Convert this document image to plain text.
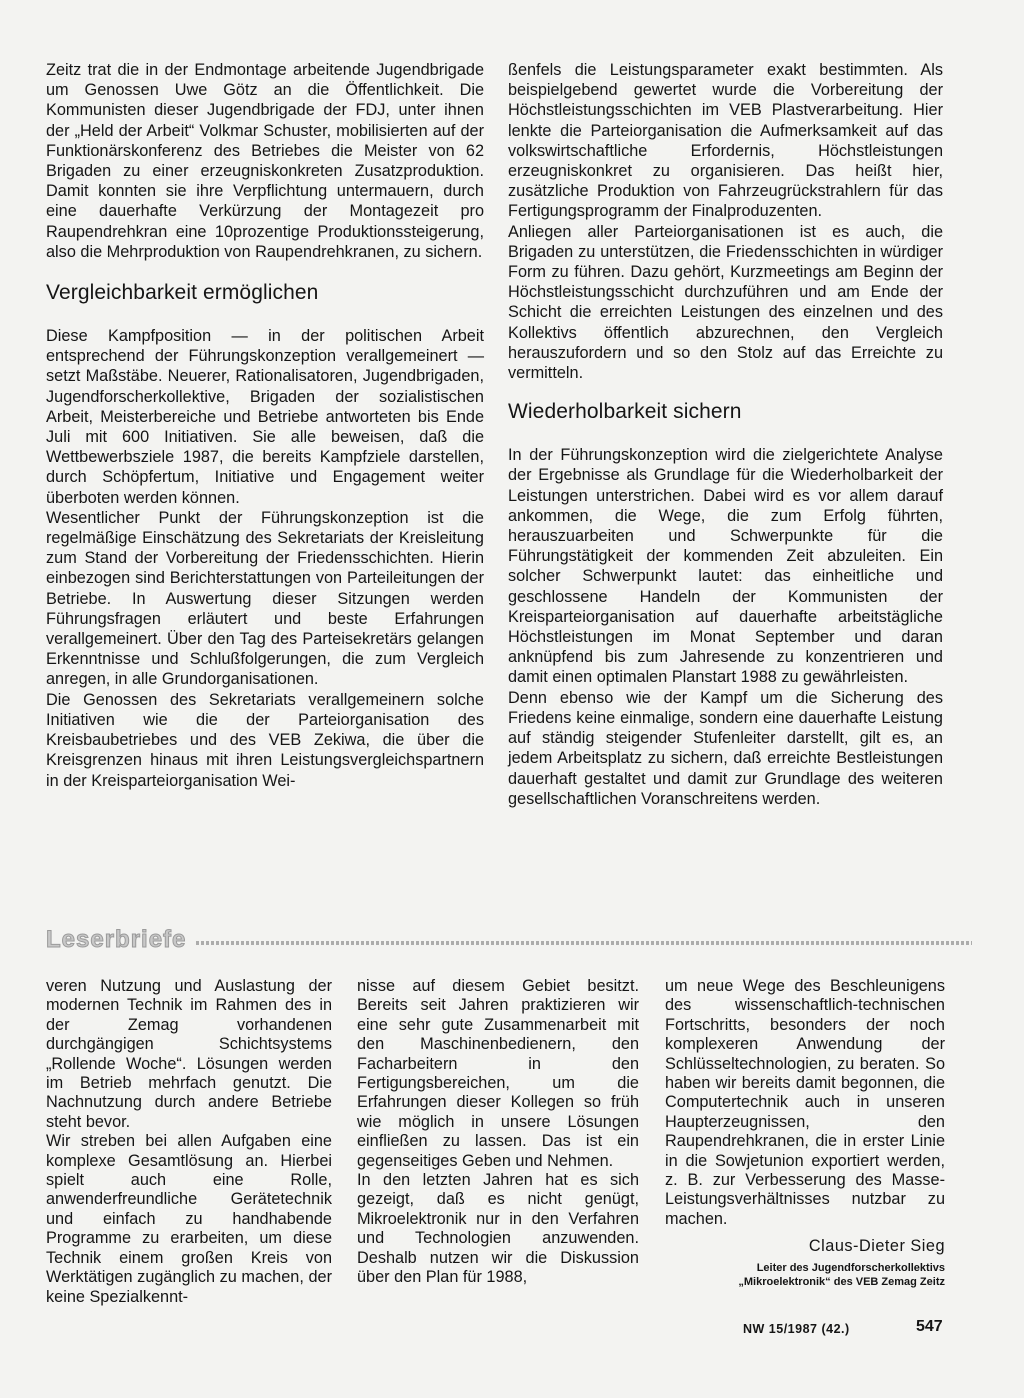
Zeitz trat die in der Endmontage arbeitende Jugendbrigade um Genossen Uwe Götz an die Öffentlichkeit. Die Kommunisten dieser Jugendbrigade der FDJ, unter ihnen der „Held der Arbeit“ Volkmar Schuster, mobilisierten auf der Funktionärskonferenz des Betriebes die Meister von 62 Brigaden zu einer erzeugniskonkreten Zusatzproduktion. Damit konnten sie ihre Verpflichtung untermauern, durch eine dauerhafte Verkürzung der Montagezeit pro Raupendrehkran eine 10prozentige Produktionssteigerung, also die Mehrproduktion von Raupendrehkranen, zu sichern.

Vergleichbarkeit ermöglichen

Diese Kampfposition — in der politischen Arbeit entsprechend der Führungskonzeption verallgemeinert — setzt Maßstäbe. Neuerer, Rationalisatoren, Jugendbrigaden, Jugendforscherkollektive, Brigaden der sozialistischen Arbeit, Meisterbereiche und Betriebe antworteten bis Ende Juli mit 600 Initiativen. Sie alle beweisen, daß die Wettbewerbsziele 1987, die bereits Kampfziele darstellen, durch Schöpfertum, Initiative und Engagement weiter überboten werden können.

Wesentlicher Punkt der Führungskonzeption ist die regelmäßige Einschätzung des Sekretariats der Kreisleitung zum Stand der Vorbereitung der Friedensschichten. Hierin einbezogen sind Berichterstattungen von Parteileitungen der Betriebe. In Auswertung dieser Sitzungen werden Führungsfragen erläutert und beste Erfahrungen verallgemeinert. Über den Tag des Parteisekretärs gelangen Erkenntnisse und Schlußfolgerungen, die zum Vergleich anregen, in alle Grundorganisationen.

Die Genossen des Sekretariats verallgemeinern solche Initiativen wie die der Parteiorganisation des Kreisbaubetriebes und des VEB Zekiwa, die über die Kreisgrenzen hinaus mit ihren Leistungsvergleichspartnern in der Kreisparteiorganisation Wei-

ßenfels die Leistungsparameter exakt bestimmten. Als beispielgebend gewertet wurde die Vorbereitung der Höchstleistungsschichten im VEB Plastverarbeitung. Hier lenkte die Parteiorganisation die Aufmerksamkeit auf das volkswirtschaftliche Erfordernis, Höchstleistungen erzeugniskonkret zu organisieren. Das heißt hier, zusätzliche Produktion von Fahrzeugrückstrahlern für das Fertigungsprogramm der Finalproduzenten.

Anliegen aller Parteiorganisationen ist es auch, die Brigaden zu unterstützen, die Friedensschichten in würdiger Form zu führen. Dazu gehört, Kurzmeetings am Beginn der Höchstleistungsschicht durchzuführen und am Ende der Schicht die erreichten Leistungen des einzelnen und des Kollektivs öffentlich abzurechnen, den Vergleich herauszufordern und so den Stolz auf das Erreichte zu vermitteln.

Wiederholbarkeit sichern

In der Führungskonzeption wird die zielgerichtete Analyse der Ergebnisse als Grundlage für die Wiederholbarkeit der Leistungen unterstrichen. Dabei wird es vor allem darauf ankommen, die Wege, die zum Erfolg führten, herauszuarbeiten und Schwerpunkte für die Führungstätigkeit der kommenden Zeit abzuleiten. Ein solcher Schwerpunkt lautet: das einheitliche und geschlossene Handeln der Kommunisten der Kreisparteiorganisation auf dauerhafte arbeitstägliche Höchstleistungen im Monat September und daran anknüpfend bis zum Jahresende zu konzentrieren und damit einen optimalen Planstart 1988 zu gewährleisten.

Denn ebenso wie der Kampf um die Sicherung des Friedens keine einmalige, sondern eine dauerhafte Leistung auf ständig steigender Stufenleiter darstellt, gilt es, an jedem Arbeitsplatz zu sichern, daß erreichte Bestleistungen dauerhaft gestaltet und damit zur Grundlage des weiteren gesellschaftlichen Voranschreitens werden.

Leserbriefe

veren Nutzung und Auslastung der modernen Technik im Rahmen des in der Zemag vorhandenen durchgängigen Schichtsystems „Rollende Woche“. Lösungen werden im Betrieb mehrfach genutzt. Die Nachnutzung durch andere Betriebe steht bevor.

Wir streben bei allen Aufgaben eine komplexe Gesamtlösung an. Hierbei spielt auch eine Rolle, anwenderfreundliche Gerätetechnik und einfach zu handhabende Programme zu erarbeiten, um diese Technik einem großen Kreis von Werktätigen zugänglich zu machen, der keine Spezialkennt-

nisse auf diesem Gebiet besitzt. Bereits seit Jahren praktizieren wir eine sehr gute Zusammenarbeit mit den Maschinenbedienern, den Facharbeitern in den Fertigungsbereichen, um die Erfahrungen dieser Kollegen so früh wie möglich in unsere Lösungen einfließen zu lassen. Das ist ein gegenseitiges Geben und Nehmen.

In den letzten Jahren hat es sich gezeigt, daß es nicht genügt, Mikroelektronik nur in den Verfahren und Technologien anzuwenden. Deshalb nutzen wir die Diskussion über den Plan für 1988,

um neue Wege des Beschleunigens des wissenschaftlich-technischen Fortschritts, besonders der noch komplexeren Anwendung der Schlüsseltechnologien, zu beraten. So haben wir bereits damit begonnen, die Computertechnik auch in unseren Haupterzeugnissen, den Raupendrehkranen, die in erster Linie in die Sowjetunion exportiert werden, z. B. zur Verbesserung des Masse-Leistungsverhältnisses nutzbar zu machen.

Claus-Dieter Sieg

Leiter des Jugendforscherkollektivs

„Mikroelektronik“ des VEB Zemag Zeitz

NW 15/1987 (42.)	547
